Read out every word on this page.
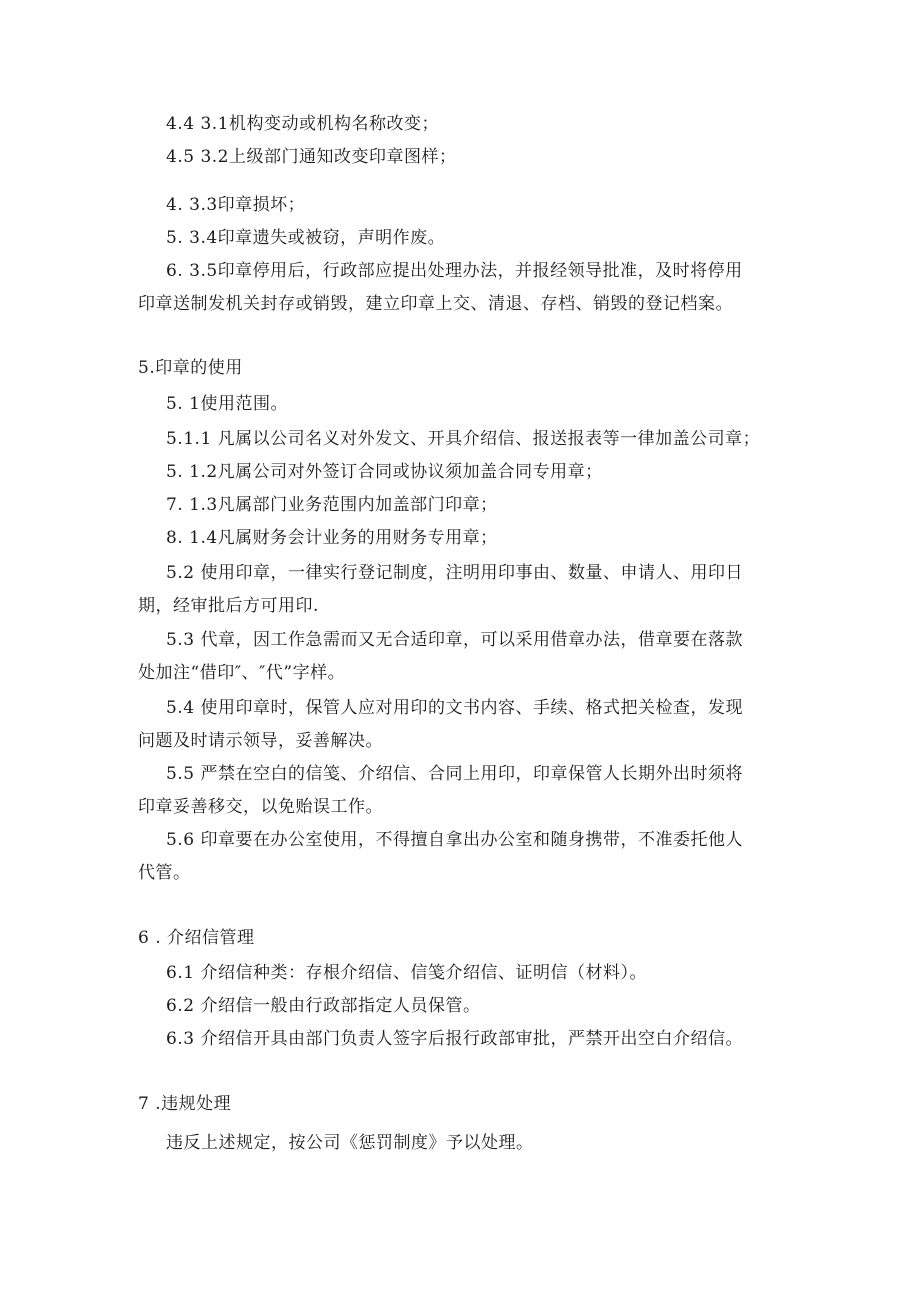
4.4 3.1机构变动或机构名称改变；
4.5 3.2上级部门通知改变印章图样；
4. 3.3印章损坏；
5. 3.4印章遗失或被窃，声明作废。
6. 3.5印章停用后，行政部应提出处理办法，并报经领导批准，及时将停用
印章送制发机关封存或销毁，建立印章上交、清退、存档、销毁的登记档案。
5.印章的使用
5. 1使用范围。
5.1.1 凡属以公司名义对外发文、开具介绍信、报送报表等一律加盖公司章；
5. 1.2凡属公司对外签订合同或协议须加盖合同专用章；
7. 1.3凡属部门业务范围内加盖部门印章；
8. 1.4凡属财务会计业务的用财务专用章；
5.2 使用印章，一律实行登记制度，注明用印事由、数量、申请人、用印日
期，经审批后方可用印.
5.3 代章，因工作急需而又无合适印章，可以采用借章办法，借章要在落款
处加注“借印″、″代”字样。
5.4 使用印章时，保管人应对用印的文书内容、手续、格式把关检查，发现
问题及时请示领导，妥善解决。
5.5 严禁在空白的信笺、介绍信、合同上用印，印章保管人长期外出时须将
印章妥善移交，以免贻误工作。
5.6 印章要在办公室使用，不得擅自拿出办公室和随身携带，不准委托他人
代管。
6 . 介绍信管理
6.1 介绍信种类：存根介绍信、信笺介绍信、证明信（材料）。
6.2 介绍信一般由行政部指定人员保管。
6.3 介绍信开具由部门负责人签字后报行政部审批，严禁开出空白介绍信。
7 .违规处理
违反上述规定，按公司《惩罚制度》予以处理。
